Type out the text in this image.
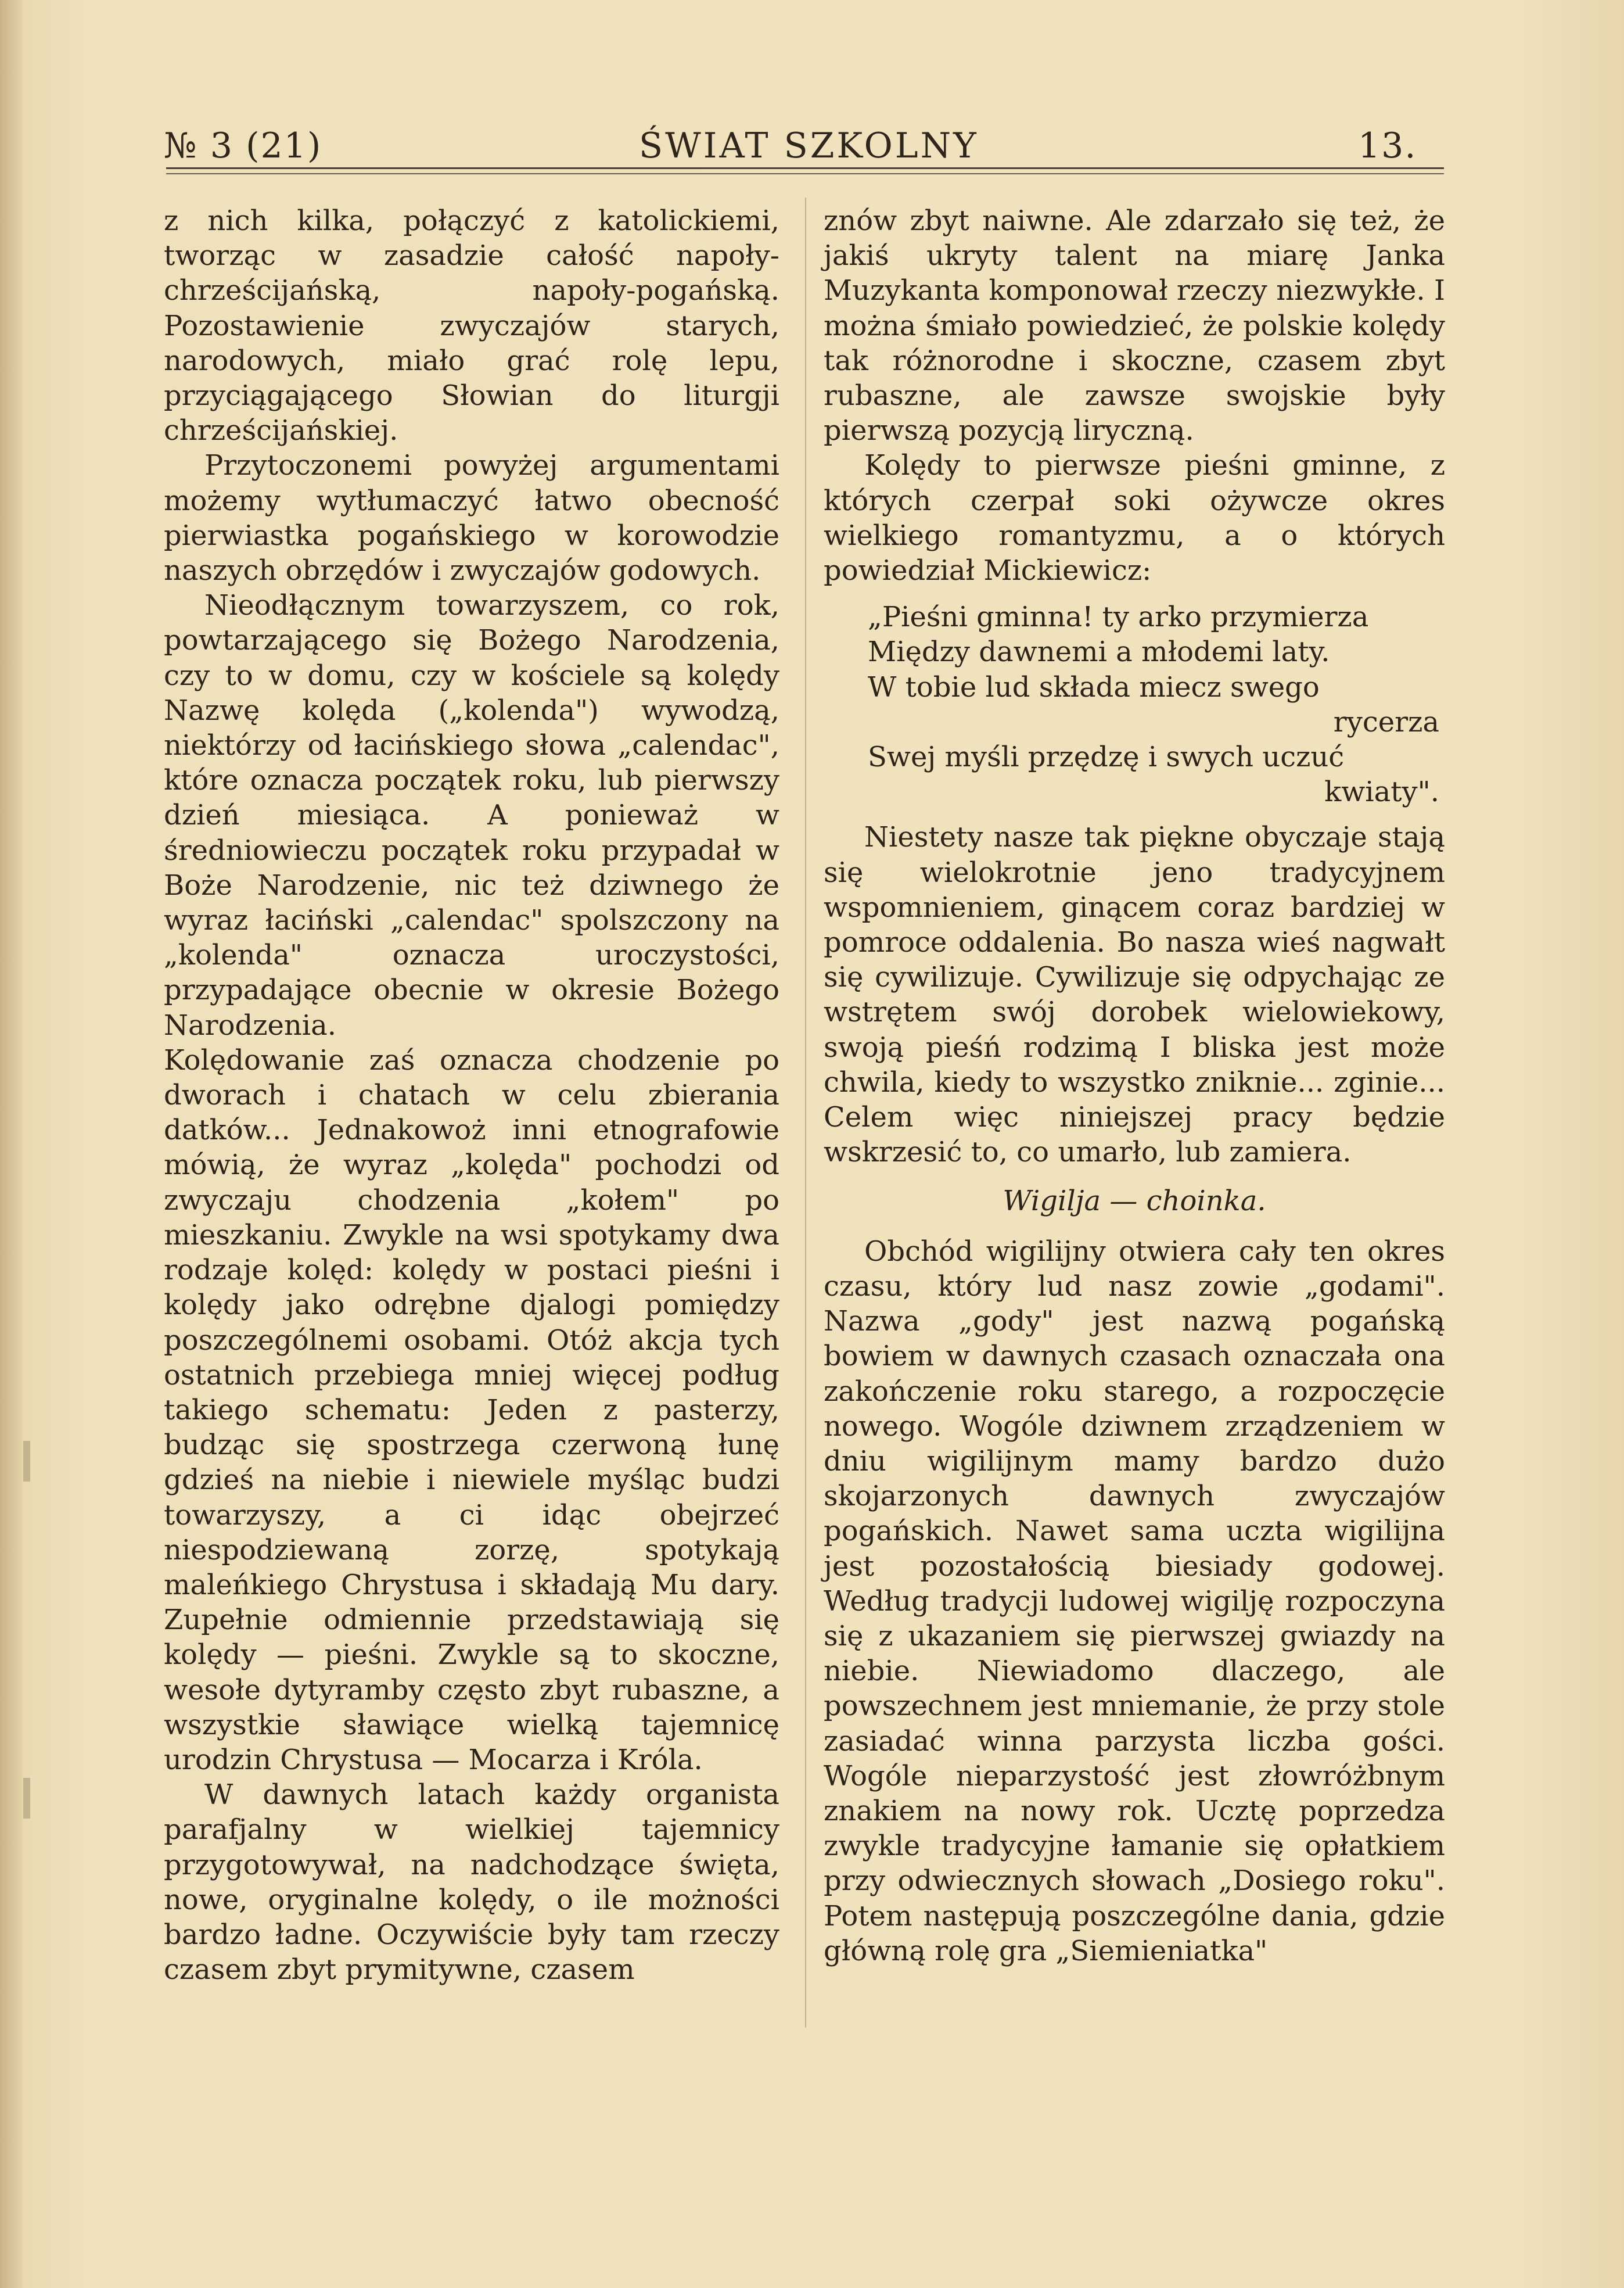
№ 3 (21)	ŚWIAT SZKOLNY	13.

z nich kilka, połączyć z katolickiemi, tworząc w zasadzie całość napoły-chrześcijańską, napoły-pogańską. Pozostawienie zwyczajów starych, narodowych, miało grać rolę lepu, przyciągającego Słowian do liturgji chrześcijańskiej.

Przytoczonemi powyżej argumentami możemy wytłumaczyć łatwo obecność pierwiastka pogańskiego w korowodzie naszych obrzędów i zwyczajów godowych.

Nieodłącznym towarzyszem, co rok, powtarzającego się Bożego Narodzenia, czy to w domu, czy w kościele są kolędy Nazwę kolęda („kolenda") wywodzą, niektórzy od łacińskiego słowa „calendac", które oznacza początek roku, lub pierwszy dzień miesiąca. A ponieważ w średniowieczu początek roku przypadał w Boże Narodzenie, nic też dziwnego że wyraz łaciński „calendac" spolszczony na „kolenda" oznacza uroczystości, przypadające obecnie w okresie Bożego Narodzenia.

Kolędowanie zaś oznacza chodzenie po dworach i chatach w celu zbierania datków... Jednakowoż inni etnografowie mówią, że wyraz „kolęda" pochodzi od zwyczaju chodzenia „kołem" po mieszkaniu. Zwykle na wsi spotykamy dwa rodzaje kolęd: kolędy w postaci pieśni i kolędy jako odrębne djalogi pomiędzy poszczególnemi osobami. Otóż akcja tych ostatnich przebiega mniej więcej podług takiego schematu: Jeden z pasterzy, budząc się spostrzega czerwoną łunę gdzieś na niebie i niewiele myśląc budzi towarzyszy, a ci idąc obejrzeć niespodziewaną zorzę, spotykają maleńkiego Chrystusa i składają Mu dary. Zupełnie odmiennie przedstawiają się kolędy — pieśni. Zwykle są to skoczne, wesołe dytyramby często zbyt rubaszne, a wszystkie sławiące wielką tajemnicę urodzin Chrystusa — Mocarza i Króla.

W dawnych latach każdy organista parafjalny w wielkiej tajemnicy przygotowywał, na nadchodzące święta, nowe, oryginalne kolędy, o ile możności bardzo ładne. Oczywiście były tam rzeczy czasem zbyt prymitywne, czasem

znów zbyt naiwne. Ale zdarzało się też, że jakiś ukryty talent na miarę Janka Muzykanta komponował rzeczy niezwykłe. I można śmiało powiedzieć, że polskie kolędy tak różnorodne i skoczne, czasem zbyt rubaszne, ale zawsze swojskie były pierwszą pozycją liryczną.

Kolędy to pierwsze pieśni gminne, z których czerpał soki ożywcze okres wielkiego romantyzmu, a o których powiedział Mickiewicz:

„Pieśni gminna! ty arko przymierza
Między dawnemi a młodemi laty.
W tobie lud składa miecz swego
rycerza
Swej myśli przędzę i swych uczuć
kwiaty".

Niestety nasze tak piękne obyczaje stają się wielokrotnie jeno tradycyjnem wspomnieniem, ginącem coraz bardziej w pomroce oddalenia. Bo nasza wieś nagwałt się cywilizuje. Cywilizuje się odpychając ze wstrętem swój dorobek wielowiekowy, swoją pieśń rodzimą I bliska jest może chwila, kiedy to wszystko zniknie... zginie... Celem więc niniejszej pracy będzie wskrzesić to, co umarło, lub zamiera.

Wigilja — choinka.

Obchód wigilijny otwiera cały ten okres czasu, który lud nasz zowie „godami". Nazwa „gody" jest nazwą pogańską bowiem w dawnych czasach oznaczała ona zakończenie roku starego, a rozpoczęcie nowego. Wogóle dziwnem zrządzeniem w dniu wigilijnym mamy bardzo dużo skojarzonych dawnych zwyczajów pogańskich. Nawet sama uczta wigilijna jest pozostałością biesiady godowej. Według tradycji ludowej wigilję rozpoczyna się z ukazaniem się pierwszej gwiazdy na niebie. Niewiadomo dlaczego, ale powszechnem jest mniemanie, że przy stole zasiadać winna parzysta liczba gości. Wogóle nieparzystość jest złowróżbnym znakiem na nowy rok. Ucztę poprzedza zwykle tradycyjne łamanie się opłatkiem przy odwiecznych słowach „Dosiego roku". Potem następują poszczególne dania, gdzie główną rolę gra „Siemieniatka"
